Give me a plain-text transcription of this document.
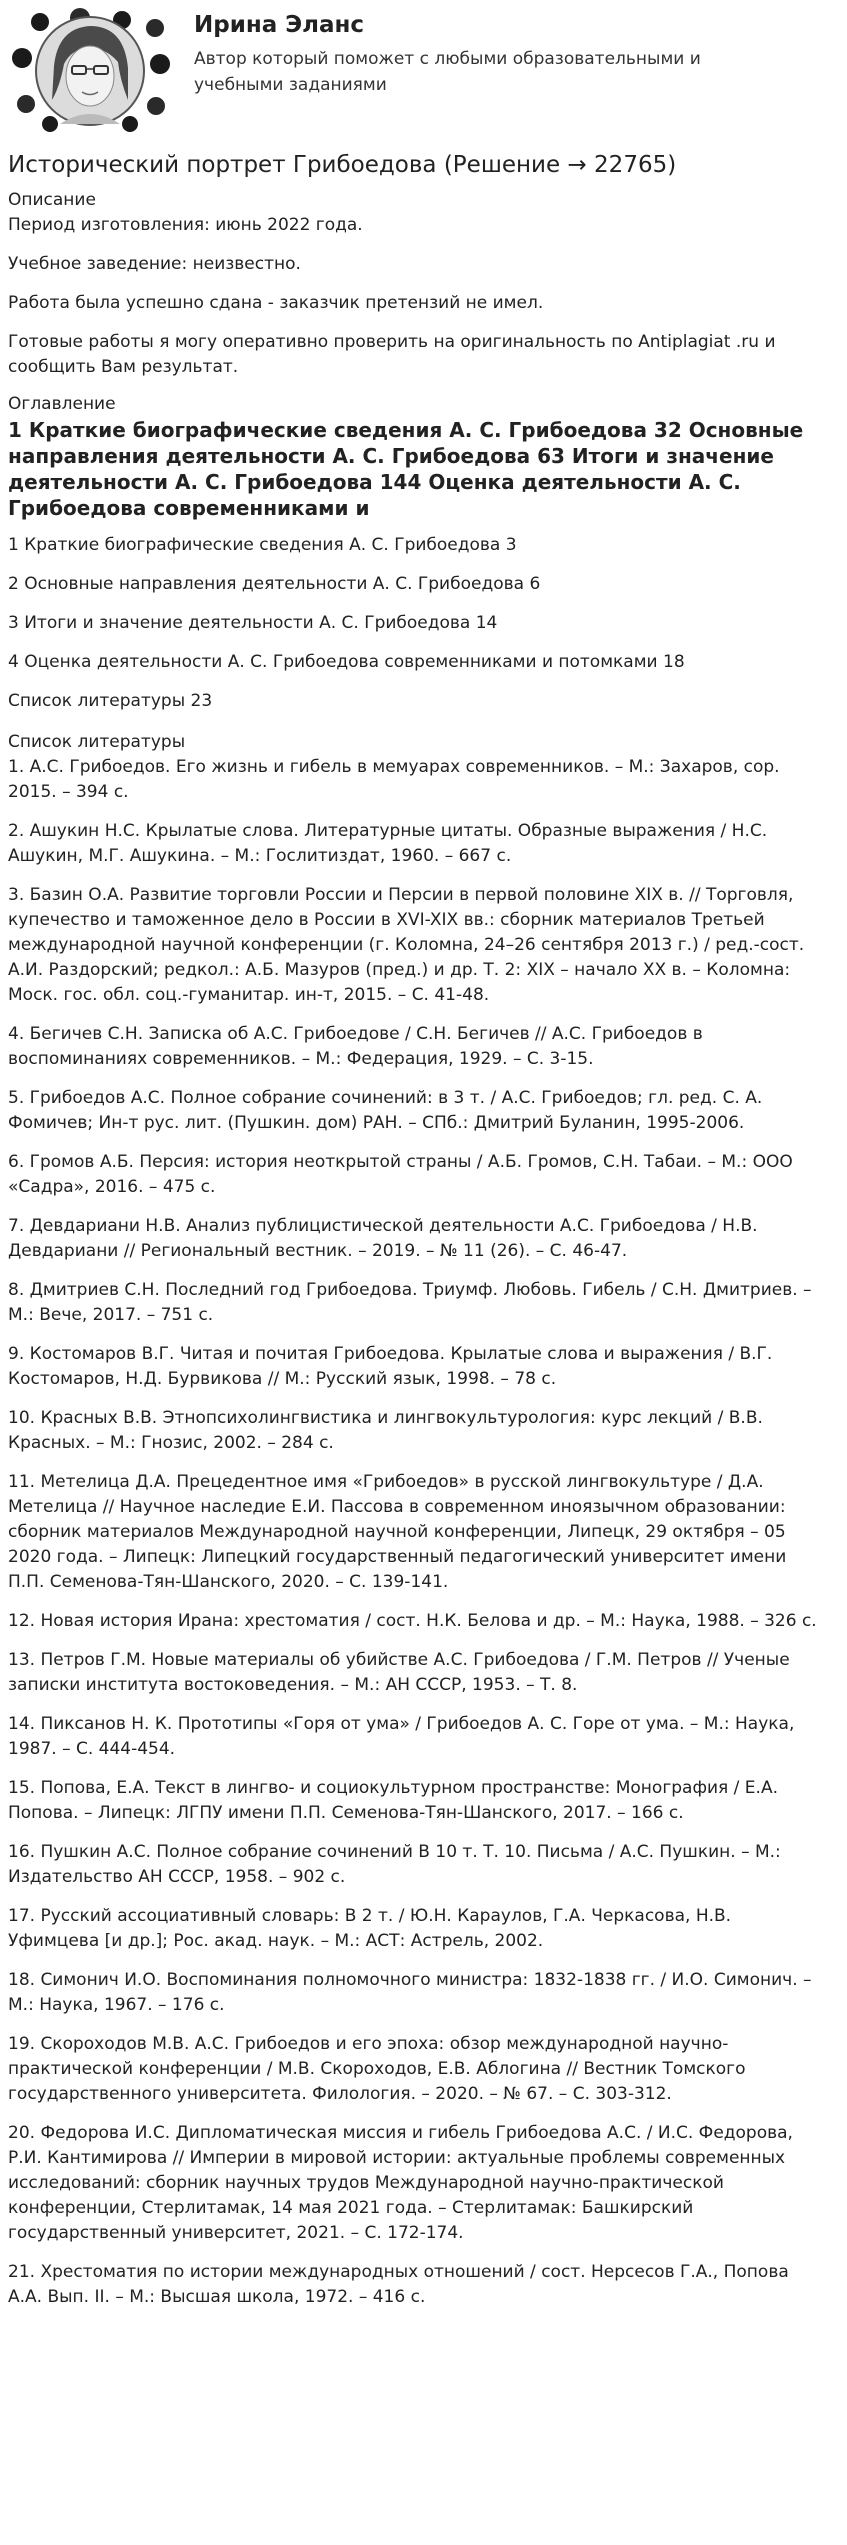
Ирина Эланс
Автор который поможет с любыми образовательными и учебными заданиями
Исторический портрет Грибоедова (Решение → 22765)
Описание
Период изготовления: июнь 2022 года.
Учебное заведение: неизвестно.
Работа была успешно сдана - заказчик претензий не имел.
Готовые работы я могу оперативно проверить на оригинальность по Antiplagiat .ru и сообщить Вам результат.
Оглавление
1 Краткие биографические сведения А. С. Грибоедова 32 Основные направления деятельности А. С. Грибоедова 63 Итоги и значение деятельности А. С. Грибоедова 144 Оценка деятельности А. С. Грибоедова современниками и
1 Краткие биографические сведения А. С. Грибоедова 3
2 Основные направления деятельности А. С. Грибоедова 6
3 Итоги и значение деятельности А. С. Грибоедова 14
4 Оценка деятельности А. С. Грибоедова современниками и потомками 18
Список литературы 23
Список литературы
1. А.С. Грибоедов. Его жизнь и гибель в мемуарах современников. – М.: Захаров, сор. 2015. – 394 с.
2. Ашукин Н.С. Крылатые слова. Литературные цитаты. Образные выражения / Н.С. Ашукин, М.Г. Ашукина. – М.: Гослитиздат, 1960. – 667 с.
3. Базин О.А. Развитие торговли России и Персии в первой половине XIX в. // Торговля, купечество и таможенное дело в России в XVI-XIX вв.: сборник материалов Третьей международной научной конференции (г. Коломна, 24–26 сентября 2013 г.) / ред.-сост. А.И. Раздорский; редкол.: А.Б. Мазуров (пред.) и др. Т. 2: XIX – начало XX в. – Коломна: Моск. гос. обл. соц.-гуманитар. ин-т, 2015. – С. 41-48.
4. Бегичев С.Н. Записка об А.С. Грибоедове / С.Н. Бегичев // А.С. Грибоедов в воспоминаниях современников. – М.: Федерация, 1929. – С. 3-15.
5. Грибоедов А.С. Полное собрание сочинений: в 3 т. / А.С. Грибоедов; гл. ред. С. А. Фомичев; Ин-т рус. лит. (Пушкин. дом) РАН. – СПб.: Дмитрий Буланин, 1995-2006.
6. Громов А.Б. Персия: история неоткрытой страны / А.Б. Громов, С.Н. Табаи. – М.: ООО «Садра», 2016. – 475 с.
7. Девдариани Н.В. Анализ публицистической деятельности А.С. Грибоедова / Н.В. Девдариани // Региональный вестник. – 2019. – № 11 (26). – С. 46-47.
8. Дмитриев С.Н. Последний год Грибоедова. Триумф. Любовь. Гибель / С.Н. Дмитриев. – М.: Вече, 2017. – 751 с.
9. Костомаров В.Г. Читая и почитая Грибоедова. Крылатые слова и выражения / В.Г. Костомаров, Н.Д. Бурвикова // М.: Русский язык, 1998. – 78 с.
10. Красных В.В. Этнопсихолингвистика и лингвокультурология: курс лекций / В.В. Красных. – М.: Гнозис, 2002. – 284 с.
11. Метелица Д.А. Прецедентное имя «Грибоедов» в русской лингвокультуре / Д.А. Метелица // Научное наследие Е.И. Пассова в современном иноязычном образовании: сборник материалов Международной научной конференции, Липецк, 29 октября – 05 2020 года. – Липецк: Липецкий государственный педагогический университет имени П.П. Семенова-Тян-Шанского, 2020. – С. 139-141.
12. Новая история Ирана: хрестоматия / сост. Н.К. Белова и др. – М.: Наука, 1988. – 326 с.
13. Петров Г.М. Новые материалы об убийстве А.С. Грибоедова / Г.М. Петров // Ученые записки института востоковедения. – М.: АН СССР, 1953. – Т. 8.
14. Пиксанов Н. К. Прототипы «Горя от ума» / Грибоедов А. С. Горе от ума. – М.: Наука, 1987. – С. 444-454.
15. Попова, Е.А. Текст в лингво- и социокультурном пространстве: Монография / Е.А. Попова. – Липецк: ЛГПУ имени П.П. Семенова-Тян-Шанского, 2017. – 166 с.
16. Пушкин А.С. Полное собрание сочинений В 10 т. Т. 10. Письма / А.С. Пушкин. – М.: Издательство АН СССР, 1958. – 902 с.
17. Русский ассоциативный словарь: В 2 т. / Ю.Н. Караулов, Г.А. Черкасова, Н.В. Уфимцева [и др.]; Рос. акад. наук. – М.: АСТ: Астрель, 2002.
18. Симонич И.О. Воспоминания полномочного министра: 1832-1838 гг. / И.О. Симонич. – М.: Наука, 1967. – 176 с.
19. Скороходов М.В. А.С. Грибоедов и его эпоха: обзор международной научно-практической конференции / М.В. Скороходов, Е.В. Аблогина // Вестник Томского государственного университета. Филология. – 2020. – № 67. – С. 303-312.
20. Федорова И.С. Дипломатическая миссия и гибель Грибоедова А.С. / И.С. Федорова, Р.И. Кантимирова // Империи в мировой истории: актуальные проблемы современных исследований: сборник научных трудов Международной научно-практической конференции, Стерлитамак, 14 мая 2021 года. – Стерлитамак: Башкирский государственный университет, 2021. – С. 172-174.
21. Хрестоматия по истории международных отношений / сост. Нерсесов Г.А., Попова А.А. Вып. II. – М.: Высшая школа, 1972. – 416 с.
